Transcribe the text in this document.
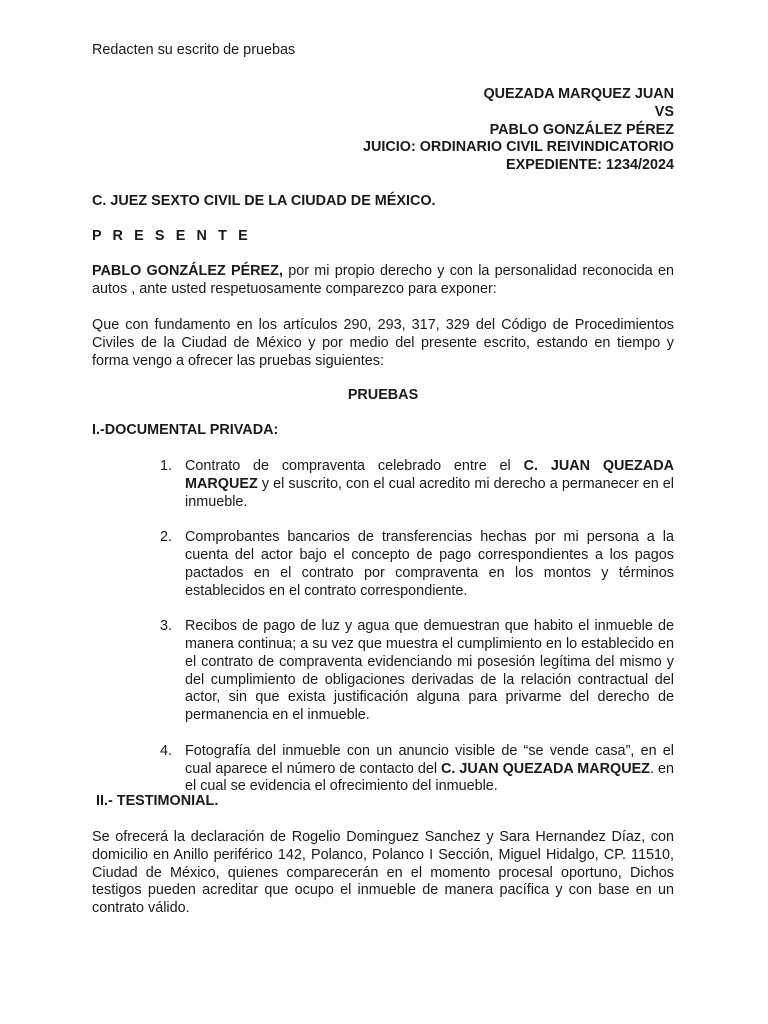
Redacten su escrito de pruebas

QUEZADA MARQUEZ JUAN
VS
PABLO GONZÁLEZ PÉREZ
JUICIO: ORDINARIO CIVIL REIVINDICATORIO
EXPEDIENTE: 1234/2024

C. JUEZ SEXTO CIVIL DE LA CIUDAD DE MÉXICO.

P R E S E N T E

PABLO GONZÁLEZ PÉREZ, por mi propio derecho y con la personalidad reconocida en autos , ante usted respetuosamente comparezco para exponer:

Que con fundamento en los artículos 290, 293, 317, 329 del Código de Procedimientos Civiles de la Ciudad de México y por medio del presente escrito, estando en tiempo y forma vengo a ofrecer las pruebas siguientes:

PRUEBAS

I.-DOCUMENTAL PRIVADA:

1. Contrato de compraventa celebrado entre el C. JUAN QUEZADA MARQUEZ y el suscrito, con el cual acredito mi derecho a permanecer en el inmueble.
2. Comprobantes bancarios de transferencias hechas por mi persona a la cuenta del actor bajo el concepto de pago correspondientes a los pagos pactados en el contrato por compraventa en los montos y términos establecidos en el contrato correspondiente.
3. Recibos de pago de luz y agua que demuestran que habito el inmueble de manera continua; a su vez que muestra el cumplimiento en lo establecido en el contrato de compraventa evidenciando mi posesión legítima del mismo y del cumplimiento de obligaciones derivadas de la relación contractual del actor, sin que exista justificación alguna para privarme del derecho de permanencia en el inmueble.
4. Fotografía del inmueble con un anuncio visible de “se vende casa”, en el cual aparece el número de contacto del C. JUAN QUEZADA MARQUEZ. en el cual se evidencia el ofrecimiento del inmueble.

II.- TESTIMONIAL.

Se ofrecerá la declaración de Rogelio Dominguez Sanchez y Sara Hernandez Díaz, con domicilio en Anillo periférico 142, Polanco, Polanco I Sección, Miguel Hidalgo, CP. 11510, Ciudad de México, quienes comparecerán en el momento procesal oportuno, Dichos testigos pueden acreditar que ocupo el inmueble de manera pacífica y con base en un contrato válido.
